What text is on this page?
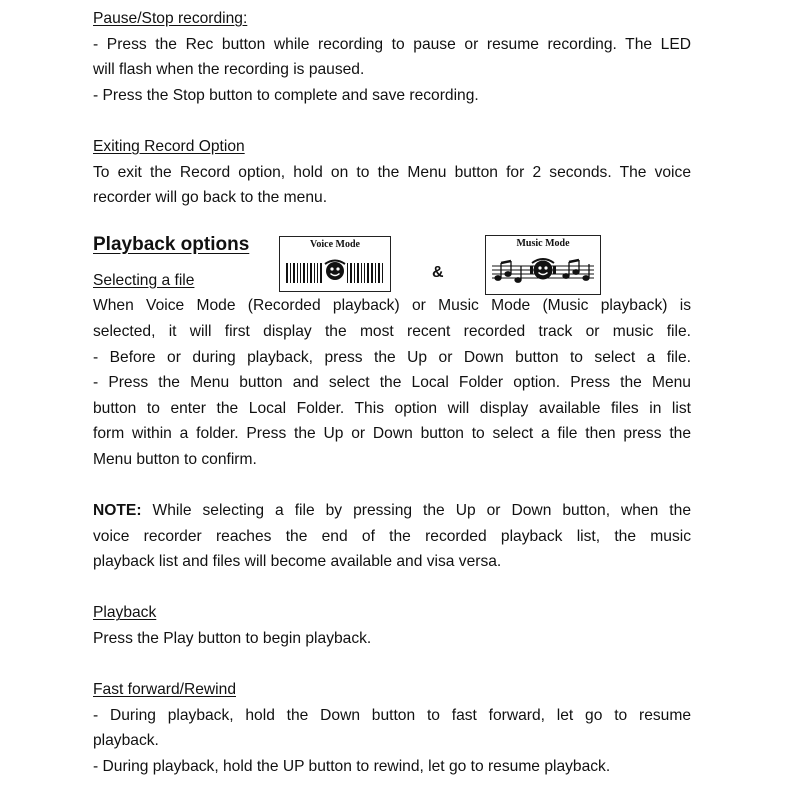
Pause/Stop recording:

- Press the Rec button while recording to pause or resume recording. The LED

will flash when the recording is paused.

- Press the Stop button to complete and save recording.

Exiting Record Option

To exit the Record option, hold on to the Menu button for 2 seconds. The voice

recorder will go back to the menu.

Playback options

Selecting a file

When Voice Mode (Recorded playback) or Music Mode (Music playback) is

selected, it will first display the most recent recorded track or music file.

- Before or during playback, press the Up or Down button to select a file.

- Press the Menu button and select the Local Folder option. Press the Menu

button to enter the Local Folder. This option will display available files in list

form within a folder. Press the Up or Down button to select a file then press the

Menu button to confirm.

NOTE: While selecting a file by pressing the Up or Down button, when the

voice recorder reaches the end of the recorded playback list, the music

playback list and files will become available and visa versa.

Playback

Press the Play button to begin playback.

Fast forward/Rewind

- During playback, hold the Down button to fast forward, let go to resume

playback.

- During playback, hold the UP button to rewind, let go to resume playback.

Voice Mode
&
Music Mode
